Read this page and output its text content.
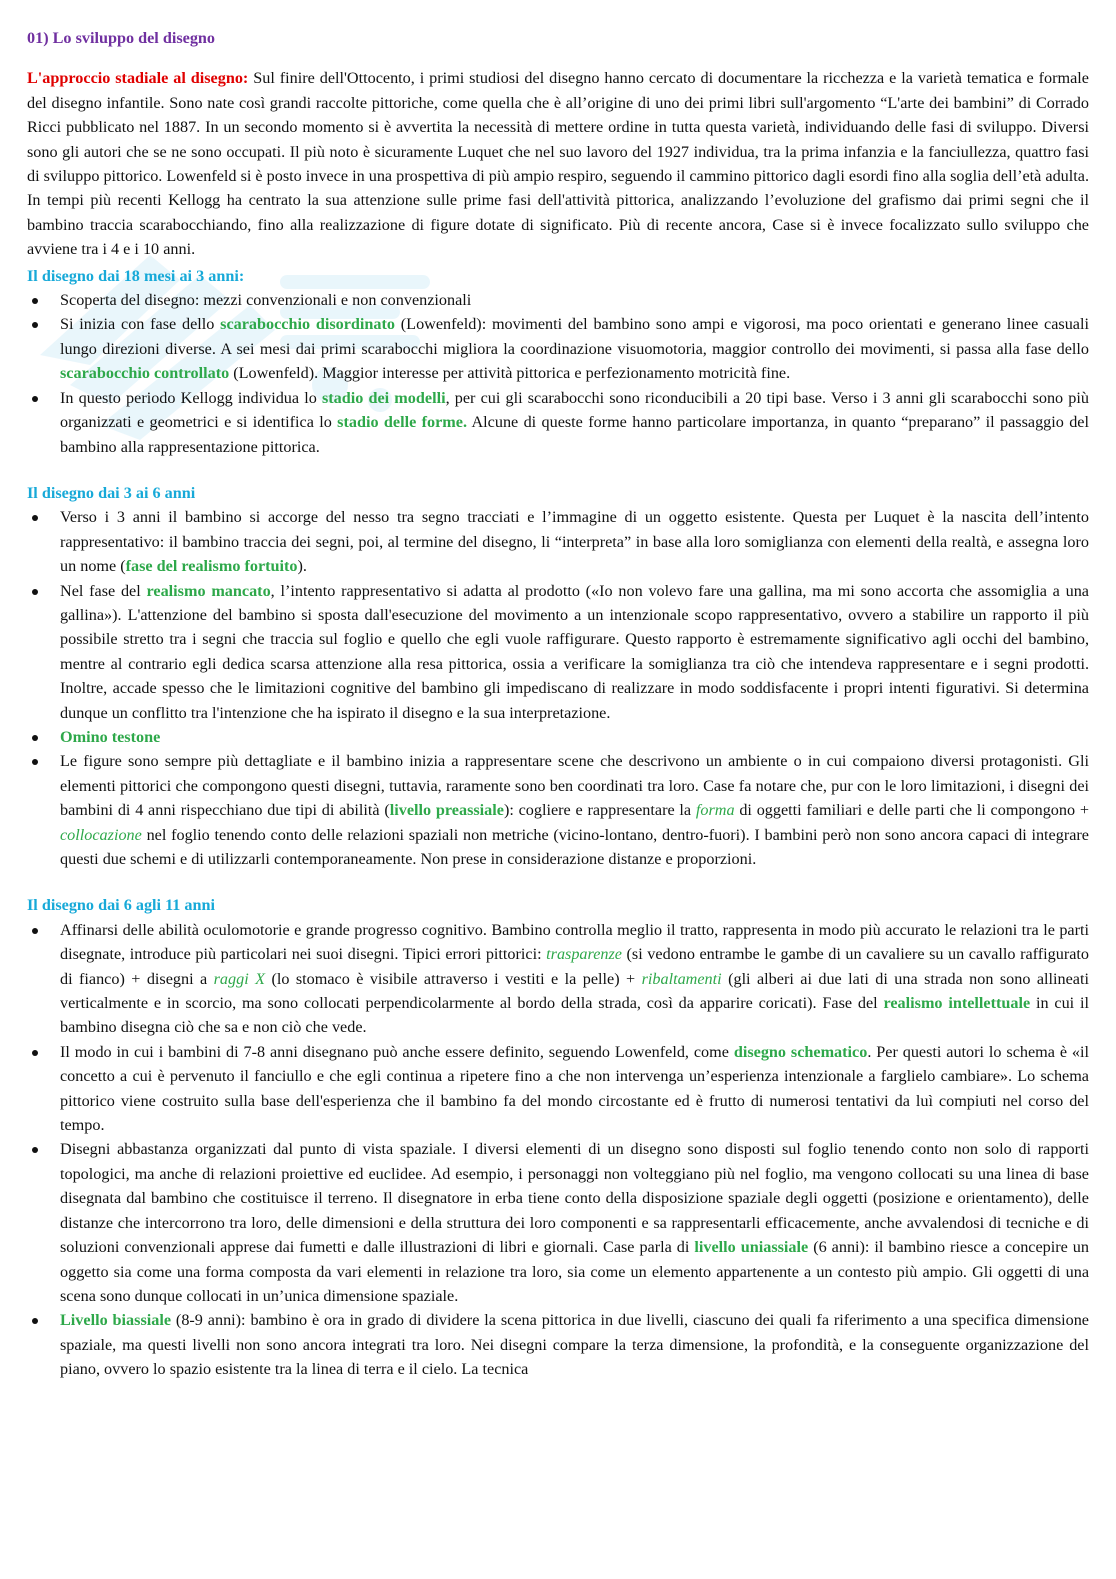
01) Lo sviluppo del disegno

L'approccio stadiale al disegno: Sul finire dell'Ottocento, i primi studiosi del disegno hanno cercato di documentare la ricchezza e la varietà tematica e formale del disegno infantile. Sono nate così grandi raccolte pittoriche, come quella che è all’origine di uno dei primi libri sull'argomento “L'arte dei bambini” di Corrado Ricci pubblicato nel 1887. In un secondo momento si è avvertita la necessità di mettere ordine in tutta questa varietà, individuando delle fasi di sviluppo. Diversi sono gli autori che se ne sono occupati. Il più noto è sicuramente Luquet che nel suo lavoro del 1927 individua, tra la prima infanzia e la fanciullezza, quattro fasi di sviluppo pittorico. Lowenfeld si è posto invece in una prospettiva di più ampio respiro, seguendo il cammino pittorico dagli esordi fino alla soglia dell’età adulta. In tempi più recenti Kellogg ha centrato la sua attenzione sulle prime fasi dell'attività pittorica, analizzando l’evoluzione del grafismo dai primi segni che il bambino traccia scarabocchiando, fino alla realizzazione di figure dotate di significato. Più di recente ancora, Case si è invece focalizzato sullo sviluppo che avviene tra i 4 e i 10 anni.

Il disegno dai 18 mesi ai 3 anni:
Scoperta del disegno: mezzi convenzionali e non convenzionali
Si inizia con fase dello scarabocchio disordinato (Lowenfeld): movimenti del bambino sono ampi e vigorosi, ma poco orientati e generano linee casuali lungo direzioni diverse. A sei mesi dai primi scarabocchi migliora la coordinazione visuomotoria, maggior controllo dei movimenti, si passa alla fase dello scarabocchio controllato (Lowenfeld). Maggior interesse per attività pittorica e perfezionamento motricità fine.
In questo periodo Kellogg individua lo stadio dei modelli, per cui gli scarabocchi sono riconducibili a 20 tipi base. Verso i 3 anni gli scarabocchi sono più organizzati e geometrici e si identifica lo stadio delle forme. Alcune di queste forme hanno particolare importanza, in quanto “preparano” il passaggio del bambino alla rappresentazione pittorica.
Il disegno dai 3 ai 6 anni
Verso i 3 anni il bambino si accorge del nesso tra segno tracciati e l’immagine di un oggetto esistente. Questa per Luquet è la nascita dell’intento rappresentativo: il bambino traccia dei segni, poi, al termine del disegno, li “interpreta” in base alla loro somiglianza con elementi della realtà, e assegna loro un nome (fase del realismo fortuito).
Nel fase del realismo mancato, l’intento rappresentativo si adatta al prodotto («Io non volevo fare una gallina, ma mi sono accorta che assomiglia a una gallina»). L'attenzione del bambino si sposta dall'esecuzione del movimento a un intenzionale scopo rappresentativo, ovvero a stabilire un rapporto il più possibile stretto tra i segni che traccia sul foglio e quello che egli vuole raffigurare. Questo rapporto è estremamente significativo agli occhi del bambino, mentre al contrario egli dedica scarsa attenzione alla resa pittorica, ossia a verificare la somiglianza tra ciò che intendeva rappresentare e i segni prodotti. Inoltre, accade spesso che le limitazioni cognitive del bambino gli impediscano di realizzare in modo soddisfacente i propri intenti figurativi. Si determina dunque un conflitto tra l'intenzione che ha ispirato il disegno e la sua interpretazione.
Omino testone
Le figure sono sempre più dettagliate e il bambino inizia a rappresentare scene che descrivono un ambiente o in cui compaiono diversi protagonisti. Gli elementi pittorici che compongono questi disegni, tuttavia, raramente sono ben coordinati tra loro. Case fa notare che, pur con le loro limitazioni, i disegni dei bambini di 4 anni rispecchiano due tipi di abilità (livello preassiale): cogliere e rappresentare la forma di oggetti familiari e delle parti che li compongono + collocazione nel foglio tenendo conto delle relazioni spaziali non metriche (vicino-lontano, dentro-fuori). I bambini però non sono ancora capaci di integrare questi due schemi e di utilizzarli contemporaneamente. Non prese in considerazione distanze e proporzioni.
Il disegno dai 6 agli 11 anni
Affinarsi delle abilità oculomotorie e grande progresso cognitivo. Bambino controlla meglio il tratto, rappresenta in modo più accurato le relazioni tra le parti disegnate, introduce più particolari nei suoi disegni. Tipici errori pittorici: trasparenze (si vedono entrambe le gambe di un cavaliere su un cavallo raffigurato di fianco) + disegni a raggi X (lo stomaco è visibile attraverso i vestiti e la pelle) + ribaltamenti (gli alberi ai due lati di una strada non sono allineati verticalmente e in scorcio, ma sono collocati perpendicolarmente al bordo della strada, così da apparire coricati). Fase del realismo intellettuale in cui il bambino disegna ciò che sa e non ciò che vede.
Il modo in cui i bambini di 7-8 anni disegnano può anche essere definito, seguendo Lowenfeld, come disegno schematico. Per questi autori lo schema è «il concetto a cui è pervenuto il fanciullo e che egli continua a ripetere fino a che non intervenga un’esperienza intenzionale a farglielo cambiare». Lo schema pittorico viene costruito sulla base dell'esperienza che il bambino fa del mondo circostante ed è frutto di numerosi tentativi da luì compiuti nel corso del tempo.
Disegni abbastanza organizzati dal punto di vista spaziale. I diversi elementi di un disegno sono disposti sul foglio tenendo conto non solo di rapporti topologici, ma anche di relazioni proiettive ed euclidee. Ad esempio, i personaggi non volteggiano più nel foglio, ma vengono collocati su una linea di base disegnata dal bambino che costituisce il terreno. Il disegnatore in erba tiene conto della disposizione spaziale degli oggetti (posizione e orientamento), delle distanze che intercorrono tra loro, delle dimensioni e della struttura dei loro componenti e sa rappresentarli efficacemente, anche avvalendosi di tecniche e di soluzioni convenzionali apprese dai fumetti e dalle illustrazioni di libri e giornali. Case parla di livello uniassiale (6 anni): il bambino riesce a concepire un oggetto sia come una forma composta da vari elementi in relazione tra loro, sia come un elemento appartenente a un contesto più ampio. Gli oggetti di una scena sono dunque collocati in un’unica dimensione spaziale.
Livello biassiale (8-9 anni): bambino è ora in grado di dividere la scena pittorica in due livelli, ciascuno dei quali fa riferimento a una specifica dimensione spaziale, ma questi livelli non sono ancora integrati tra loro. Nei disegni compare la terza dimensione, la profondità, e la conseguente organizzazione del piano, ovvero lo spazio esistente tra la linea di terra e il cielo. La tecnica
